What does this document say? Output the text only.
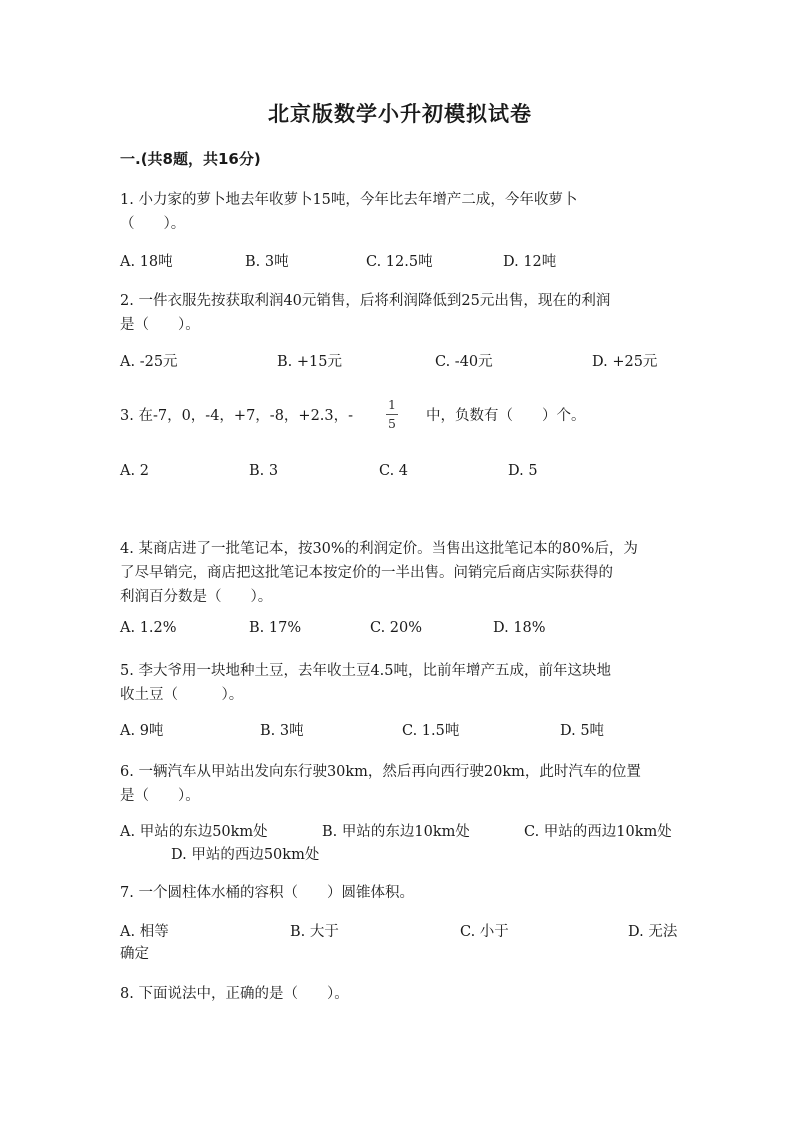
北京版数学小升初模拟试卷
一.(共8题，共16分)
1. 小力家的萝卜地去年收萝卜15吨，今年比去年增产二成，今年收萝卜
（　　）。
A. 18吨	B. 3吨	C. 12.5吨	D. 12吨
2. 一件衣服先按获取利润40元销售，后将利润降低到25元出售，现在的利润
是（　　）。
A. -25元	B. +15元	C. -40元	D. +25元
3. 在-7，0，-4，+7，-8，+2.3，-
1
5 中，负数有（　　）个。
A. 2	B. 3	C. 4	D. 5
4. 某商店进了一批笔记本，按30%的利润定价。当售出这批笔记本的80%后，为
了尽早销完，商店把这批笔记本按定价的一半出售。问销完后商店实际获得的
利润百分数是（　　）。
A. 1.2%	B. 17%	C. 20%	D. 18%
5. 李大爷用一块地种土豆，去年收土豆4.5吨，比前年增产五成，前年这块地
收土豆（　　　）。
A. 9吨	B. 3吨	C. 1.5吨	D. 5吨
6. 一辆汽车从甲站出发向东行驶30km，然后再向西行驶20km，此时汽车的位置
是（　　）。
A. 甲站的东边50km处	B. 甲站的东边10km处	C. 甲站的西边10km处
D. 甲站的西边50km处
7. 一个圆柱体水桶的容积（　　）圆锥体积。
A. 相等	B. 大于	C. 小于	D. 无法
确定
8. 下面说法中，正确的是（　　）。
